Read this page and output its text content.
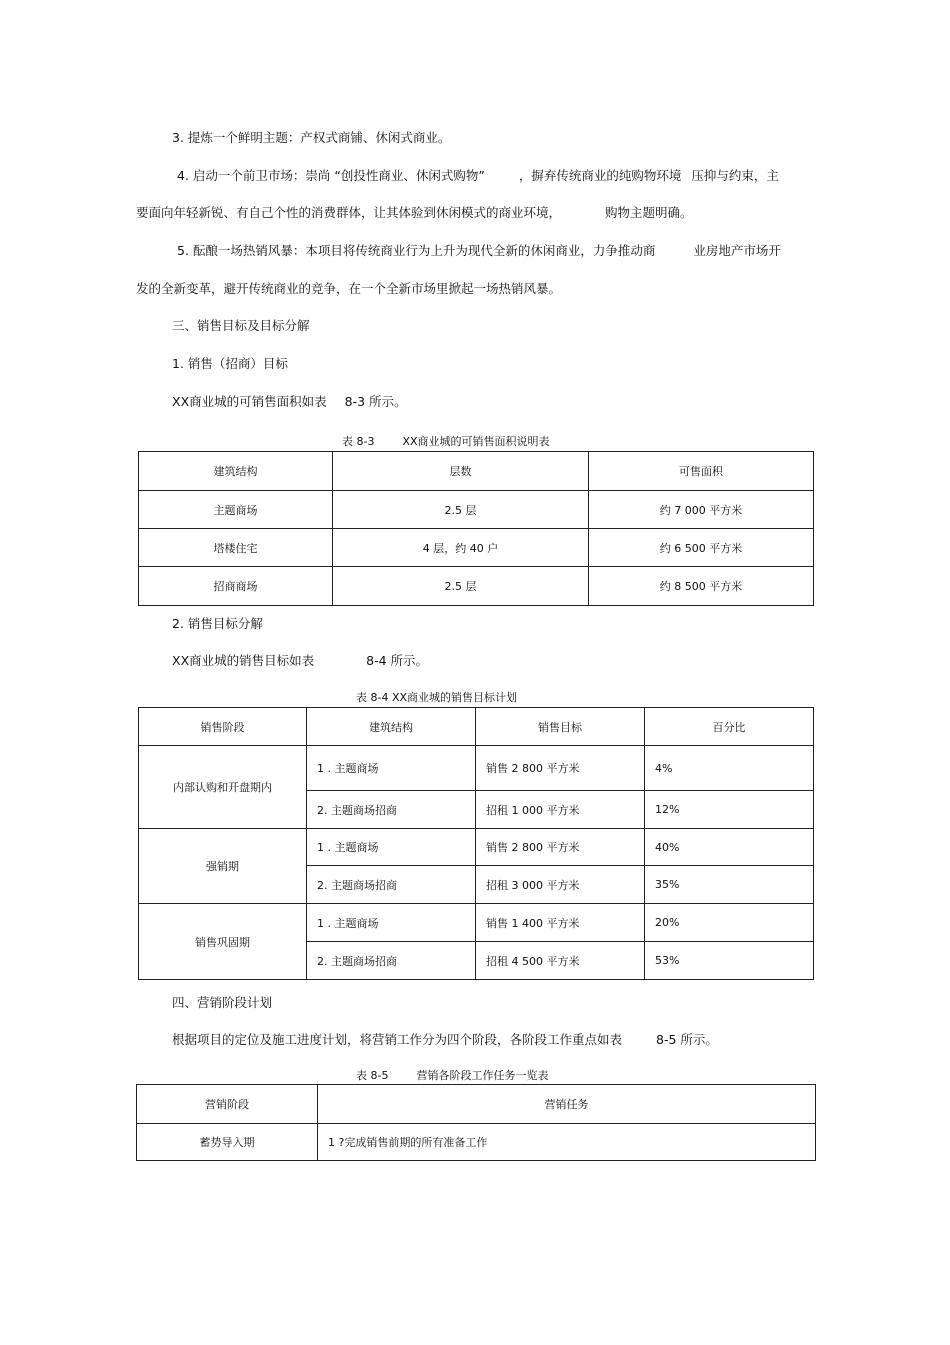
3. 提炼一个鲜明主题：产权式商铺、休闲式商业。
4. 启动一个前卫市场：崇尚 “创投性商业、休闲式购物”	，摒弃传统商业的纯购物环境 压抑与约束，主
要面向年轻新锐、有自己个性的消费群体，让其体验到休闲模式的商业环境，	购物主题明确。
5. 酝酿一场热销风暴：本项目将传统商业行为上升为现代全新的休闲商业，力争推动商	业房地产市场开
发的全新变革，避开传统商业的竞争，在一个全新市场里掀起一场热销风暴。
三、销售目标及目标分解
1. 销售（招商）目标
XX商业城的可销售面积如表 8-3 所示。
表 8-3	XX商业城的可销售面积说明表
建筑结构	层数	可售面积
主题商场	2.5 层	约 7 000 平方米
塔楼住宅	4 层，约 40 户	约 6 500 平方米
招商商场	2.5 层	约 8 500 平方米
2. 销售目标分解
XX商业城的销售目标如表	8-4 所示。
表 8-4 XX商业城的销售目标计划
销售阶段	建筑结构	销售目标	百分比
内部认购和开盘期内	1 . 主题商场	销售 2 800 平方米	4%
	2. 主题商场招商	招租 1 000 平方米	12%
强销期	1 . 主题商场	销售 2 800 平方米	40%
	2. 主题商场招商	招租 3 000 平方米	35%
销售巩固期	1 . 主题商场	销售 1 400 平方米	20%
	2. 主题商场招商	招租 4 500 平方米	53%
四、营销阶段计划
根据项目的定位及施工进度计划，将营销工作分为四个阶段，各阶段工作重点如表	8-5 所示。
表 8-5	营销各阶段工作任务一览表
营销阶段	营销任务
蓄势导入期	1 ?完成销售前期的所有准备工作
